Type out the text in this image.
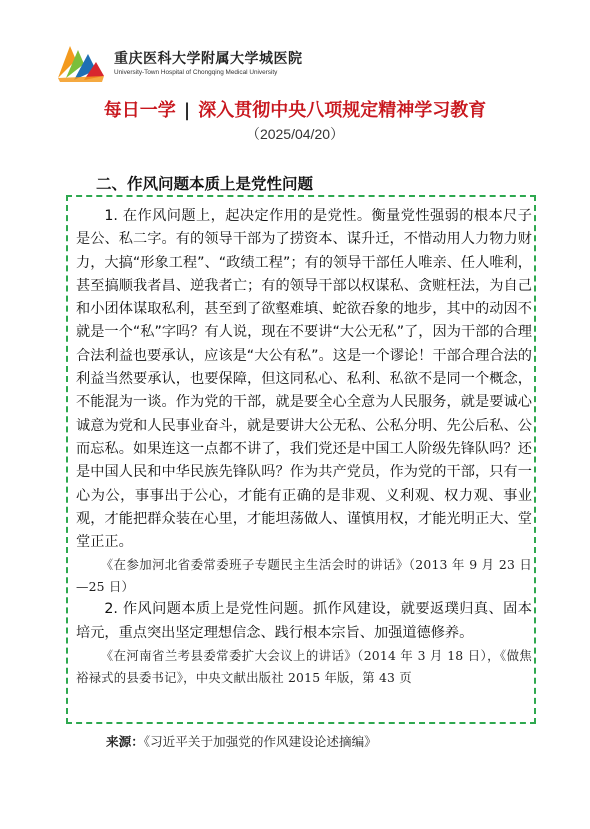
重庆医科大学附属大学城医院
University-Town Hospital of Chongqing Medical University
每日一学 | 深入贯彻中央八项规定精神学习教育
（2025/04/20）
二、作风问题本质上是党性问题

1. 在作风问题上，起决定作用的是党性。衡量党性强弱的根本尺子是公、私二字。有的领导干部为了捞资本、谋升迁，不惜动用人力物力财力，大搞“形象工程”、“政绩工程”；有的领导干部任人唯亲、任人唯利，甚至搞顺我者昌、逆我者亡；有的领导干部以权谋私、贪赃枉法，为自己和小团体谋取私利，甚至到了欲壑难填、蛇欲吞象的地步，其中的动因不就是一个“私”字吗？有人说，现在不要讲“大公无私”了，因为干部的合理合法利益也要承认，应该是“大公有私”。这是一个谬论！干部合理合法的利益当然要承认，也要保障，但这同私心、私利、私欲不是同一个概念，不能混为一谈。作为党的干部，就是要全心全意为人民服务，就是要诚心诚意为党和人民事业奋斗，就是要讲大公无私、公私分明、先公后私、公而忘私。如果连这一点都不讲了，我们党还是中国工人阶级先锋队吗？还是中国人民和中华民族先锋队吗？作为共产党员，作为党的干部，只有一心为公，事事出于公心，才能有正确的是非观、义利观、权力观、事业观，才能把群众装在心里，才能坦荡做人、谨慎用权，才能光明正大、堂堂正正。

《在参加河北省委常委班子专题民主生活会时的讲话》（2013 年 9 月 23 日—25 日）

2. 作风问题本质上是党性问题。抓作风建设，就要返璞归真、固本培元，重点突出坚定理想信念、践行根本宗旨、加强道德修养。

《在河南省兰考县委常委扩大会议上的讲话》（2014 年 3 月 18 日），《做焦裕禄式的县委书记》，中央文献出版社 2015 年版，第 43 页

来源：《习近平关于加强党的作风建设论述摘编》
